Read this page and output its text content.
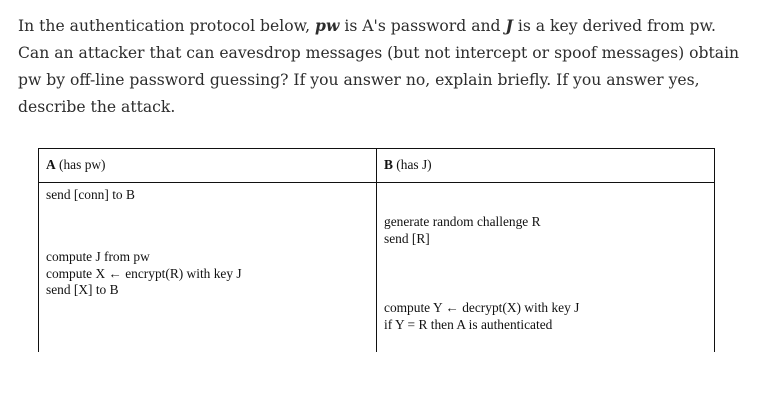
In the authentication protocol below, pw is A's password and J is a key derived from pw. Can an attacker that can eavesdrop messages (but not intercept or spoof messages) obtain pw by off-line password guessing? If you answer no, explain briefly. If you answer yes, describe the attack.

A (has pw)	B (has J)
send [conn] to B
generate random challenge R
send [R]
compute J from pw
compute X ← encrypt(R) with key J
send [X] to B
compute Y ← decrypt(X) with key J
if Y = R then A is authenticated
